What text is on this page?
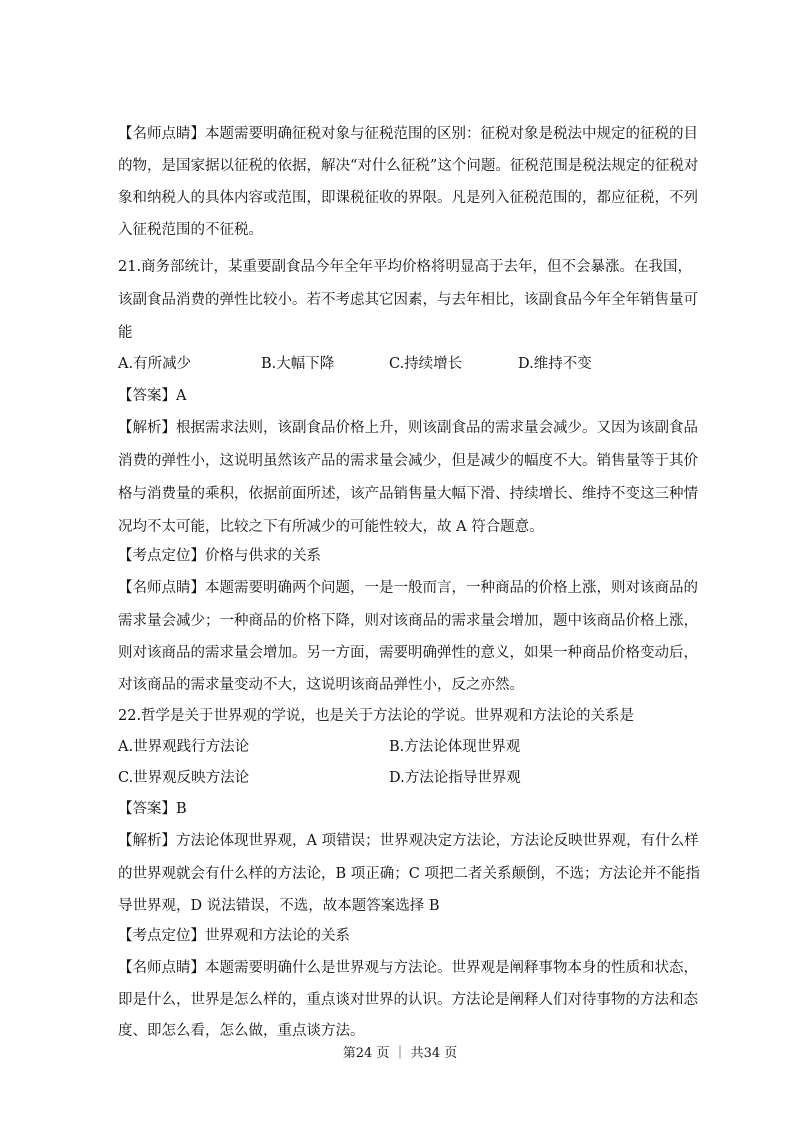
【名师点睛】本题需要明确征税对象与征税范围的区别：征税对象是税法中规定的征税的目
的物，是国家据以征税的依据，解决“对什么征税”这个问题。征税范围是税法规定的征税对
象和纳税人的具体内容或范围，即课税征收的界限。凡是列入征税范围的，都应征税，不列
入征税范围的不征税。
21.商务部统计，某重要副食品今年全年平均价格将明显高于去年，但不会暴涨。在我国，
该副食品消费的弹性比较小。若不考虑其它因素，与去年相比，该副食品今年全年销售量可
能
A.有所减少	B.大幅下降	C.持续增长	D.维持不变
【答案】A
【解析】根据需求法则，该副食品价格上升，则该副食品的需求量会减少。又因为该副食品
消费的弹性小，这说明虽然该产品的需求量会减少，但是减少的幅度不大。销售量等于其价
格与消费量的乘积，依据前面所述，该产品销售量大幅下滑、持续增长、维持不变这三种情
况均不太可能，比较之下有所减少的可能性较大，故 A 符合题意。
【考点定位】价格与供求的关系
【名师点睛】本题需要明确两个问题，一是一般而言，一种商品的价格上涨，则对该商品的
需求量会减少；一种商品的价格下降，则对该商品的需求量会增加，题中该商品价格上涨，
则对该商品的需求量会增加。另一方面，需要明确弹性的意义，如果一种商品价格变动后，
对该商品的需求量变动不大，这说明该商品弹性小，反之亦然。
22.哲学是关于世界观的学说，也是关于方法论的学说。世界观和方法论的关系是
A.世界观践行方法论	B.方法论体现世界观
C.世界观反映方法论	D.方法论指导世界观
【答案】B
【解析】方法论体现世界观，A 项错误；世界观决定方法论，方法论反映世界观，有什么样
的世界观就会有什么样的方法论，B 项正确；C 项把二者关系颠倒，不选；方法论并不能指
导世界观，D 说法错误，不选，故本题答案选择 B
【考点定位】世界观和方法论的关系
【名师点睛】本题需要明确什么是世界观与方法论。世界观是阐释事物本身的性质和状态，
即是什么，世界是怎么样的，重点谈对世界的认识。方法论是阐释人们对待事物的方法和态
度、即怎么看，怎么做，重点谈方法。
第24 页 ｜ 共34 页
